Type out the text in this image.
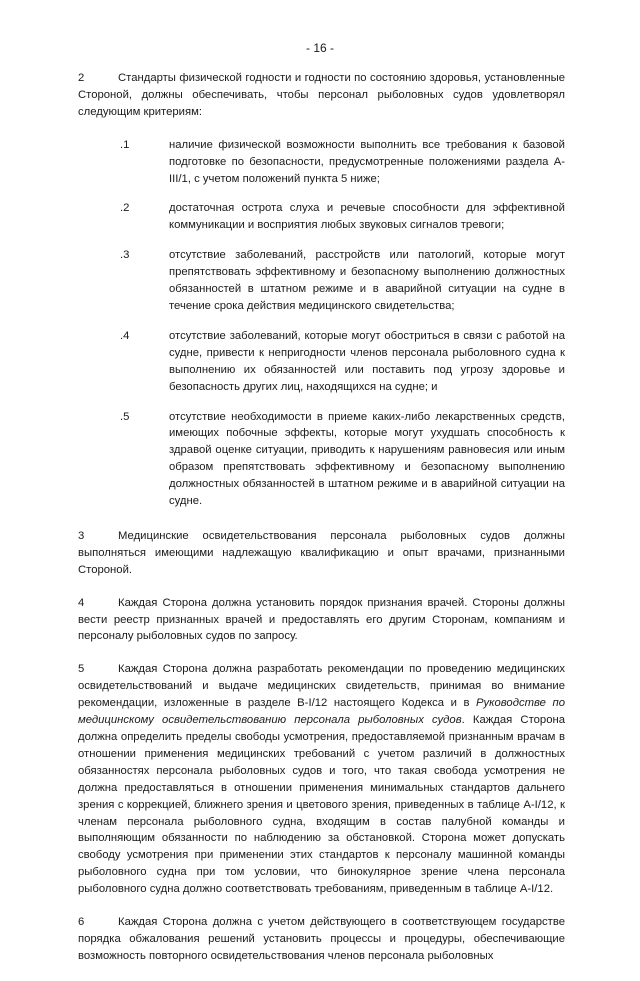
- 16 -

2	Стандарты физической годности и годности по состоянию здоровья, установленные Стороной, должны обеспечивать, чтобы персонал рыболовных судов удовлетворял следующим критериям:

.1	наличие физической возможности выполнить все требования к базовой подготовке по безопасности, предусмотренные положениями раздела A-III/1, с учетом положений пункта 5 ниже;

.2	достаточная острота слуха и речевые способности для эффективной коммуникации и восприятия любых звуковых сигналов тревоги;

.3	отсутствие заболеваний, расстройств или патологий, которые могут препятствовать эффективному и безопасному выполнению должностных обязанностей в штатном режиме и в аварийной ситуации на судне в течение срока действия медицинского свидетельства;

.4	отсутствие заболеваний, которые могут обостриться в связи с работой на судне, привести к непригодности членов персонала рыболовного судна к выполнению их обязанностей или поставить под угрозу здоровье и безопасность других лиц, находящихся на судне; и

.5	отсутствие необходимости в приеме каких-либо лекарственных средств, имеющих побочные эффекты, которые могут ухудшать способность к здравой оценке ситуации, приводить к нарушениям равновесия или иным образом препятствовать эффективному и безопасному выполнению должностных обязанностей в штатном режиме и в аварийной ситуации на судне.

3	Медицинские освидетельствования персонала рыболовных судов должны выполняться имеющими надлежащую квалификацию и опыт врачами, признанными Стороной.

4	Каждая Сторона должна установить порядок признания врачей. Стороны должны вести реестр признанных врачей и предоставлять его другим Сторонам, компаниям и персоналу рыболовных судов по запросу.

5	Каждая Сторона должна разработать рекомендации по проведению медицинских освидетельствований и выдаче медицинских свидетельств, принимая во внимание рекомендации, изложенные в разделе B-I/12 настоящего Кодекса и в Руководстве по медицинскому освидетельствованию персонала рыболовных судов. Каждая Сторона должна определить пределы свободы усмотрения, предоставляемой признанным врачам в отношении применения медицинских требований с учетом различий в должностных обязанностях персонала рыболовных судов и того, что такая свобода усмотрения не должна предоставляться в отношении применения минимальных стандартов дальнего зрения с коррекцией, ближнего зрения и цветового зрения, приведенных в таблице A-I/12, к членам персонала рыболовного судна, входящим в состав палубной команды и выполняющим обязанности по наблюдению за обстановкой. Сторона может допускать свободу усмотрения при применении этих стандартов к персоналу машинной команды рыболовного судна при том условии, что бинокулярное зрение члена персонала рыболовного судна должно соответствовать требованиям, приведенным в таблице A-I/12.

6	Каждая Сторона должна с учетом действующего в соответствующем государстве порядка обжалования решений установить процессы и процедуры, обеспечивающие возможность повторного освидетельствования членов персонала рыболовных
